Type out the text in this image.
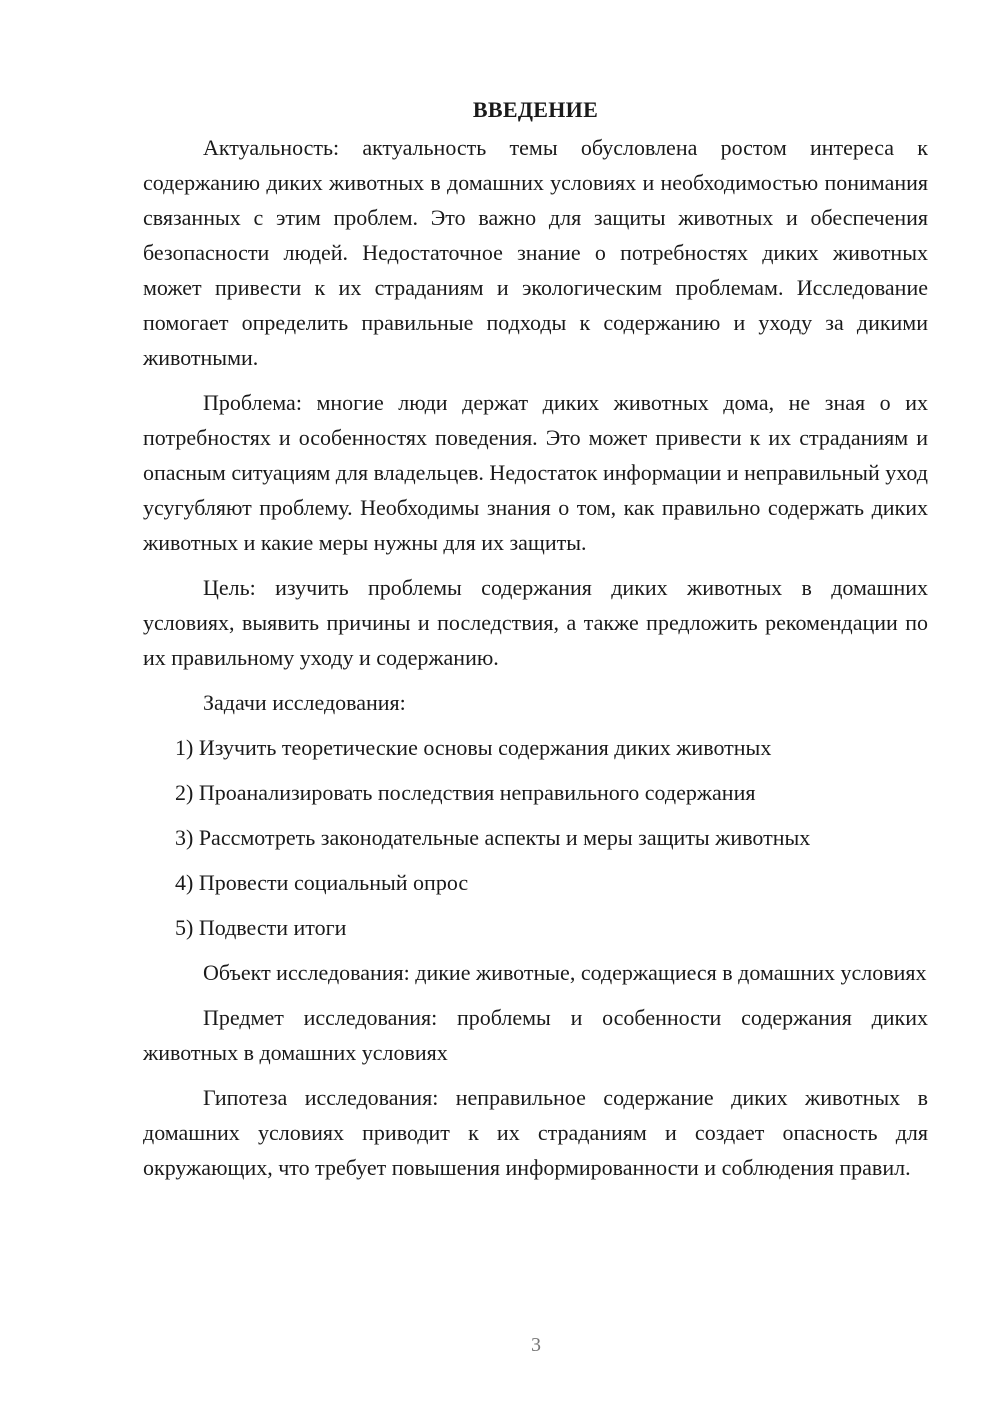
ВВЕДЕНИЕ

Актуальность: актуальность темы обусловлена ростом интереса к содержанию диких животных в домашних условиях и необходимостью понимания связанных с этим проблем. Это важно для защиты животных и обеспечения безопасности людей. Недостаточное знание о потребностях диких животных может привести к их страданиям и экологическим проблемам. Исследование помогает определить правильные подходы к содержанию и уходу за дикими животными.

Проблема: многие люди держат диких животных дома, не зная о их потребностях и особенностях поведения. Это может привести к их страданиям и опасным ситуациям для владельцев. Недостаток информации и неправильный уход усугубляют проблему. Необходимы знания о том, как правильно содержать диких животных и какие меры нужны для их защиты.

Цель: изучить проблемы содержания диких животных в домашних условиях, выявить причины и последствия, а также предложить рекомендации по их правильному уходу и содержанию.

Задачи исследования:

1) Изучить теоретические основы содержания диких животных
2) Проанализировать последствия неправильного содержания
3) Рассмотреть законодательные аспекты и меры защиты животных
4) Провести социальный опрос
5) Подвести итоги

Объект исследования: дикие животные, содержащиеся в домашних условиях

Предмет исследования: проблемы и особенности содержания диких животных в домашних условиях

Гипотеза исследования: неправильное содержание диких животных в домашних условиях приводит к их страданиям и создает опасность для окружающих, что требует повышения информированности и соблюдения правил.

3
